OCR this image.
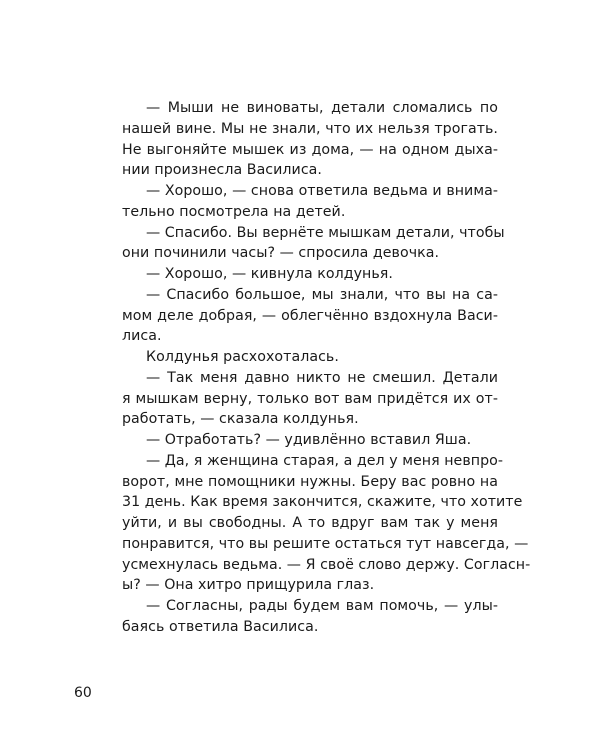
— Мыши не виноваты, детали сломались по
нашей вине. Мы не знали, что их нельзя трогать.
Не выгоняйте мышек из дома, — на одном дыха-
нии произнесла Василиса.
— Хорошо, — снова ответила ведьма и внима-
тельно посмотрела на детей.
— Спасибо. Вы вернёте мышкам детали, чтобы
они починили часы? — спросила девочка.
— Хорошо, — кивнула колдунья.
— Спасибо большое, мы знали, что вы на са-
мом деле добрая, — облегчённо вздохнула Васи-
лиса.
Колдунья расхохоталась.
— Так меня давно никто не смешил. Детали
я мышкам верну, только вот вам придётся их от-
работать, — сказала колдунья.
— Отработать? — удивлённо вставил Яша.
— Да, я женщина старая, а дел у меня невпро-
ворот, мне помощники нужны. Беру вас ровно на
31 день. Как время закончится, скажите, что хотите
уйти, и вы свободны. А то вдруг вам так у меня
понравится, что вы решите остаться тут навсегда, —
усмехнулась ведьма. — Я своё слово держу. Согласн-
ы? — Она хитро прищурила глаз.
— Согласны, рады будем вам помочь, — улы-
баясь ответила Василиса.
60
